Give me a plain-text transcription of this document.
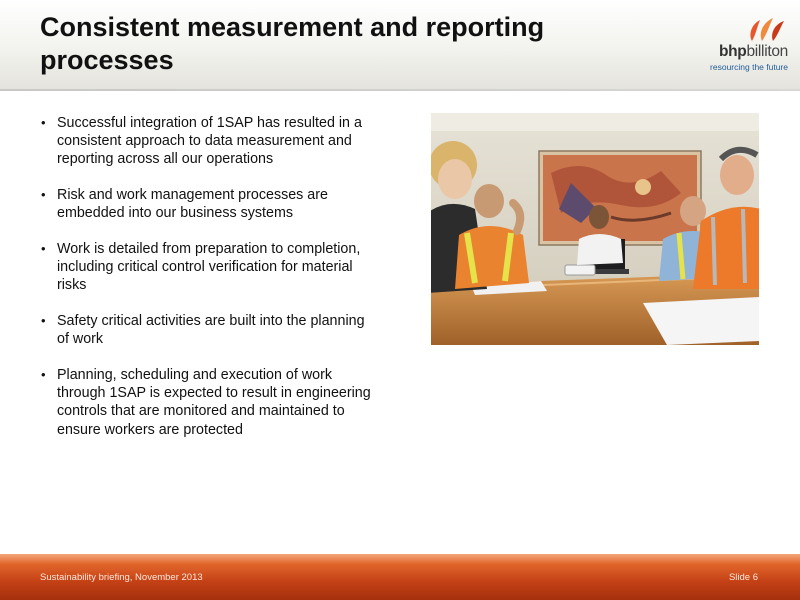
Consistent measurement and reporting processes	bhpbilliton
resourcing the future
• Successful integration of 1SAP has resulted in a consistent approach to data measurement and reporting across all our operations
• Risk and work management processes are embedded into our business systems
• Work is detailed from preparation to completion, including critical control verification for material risks
• Safety critical activities are built into the planning of work
• Planning, scheduling and execution of work through 1SAP is expected to result in engineering controls that are monitored and maintained to ensure workers are protected
Sustainability briefing, November 2013	Slide 6
